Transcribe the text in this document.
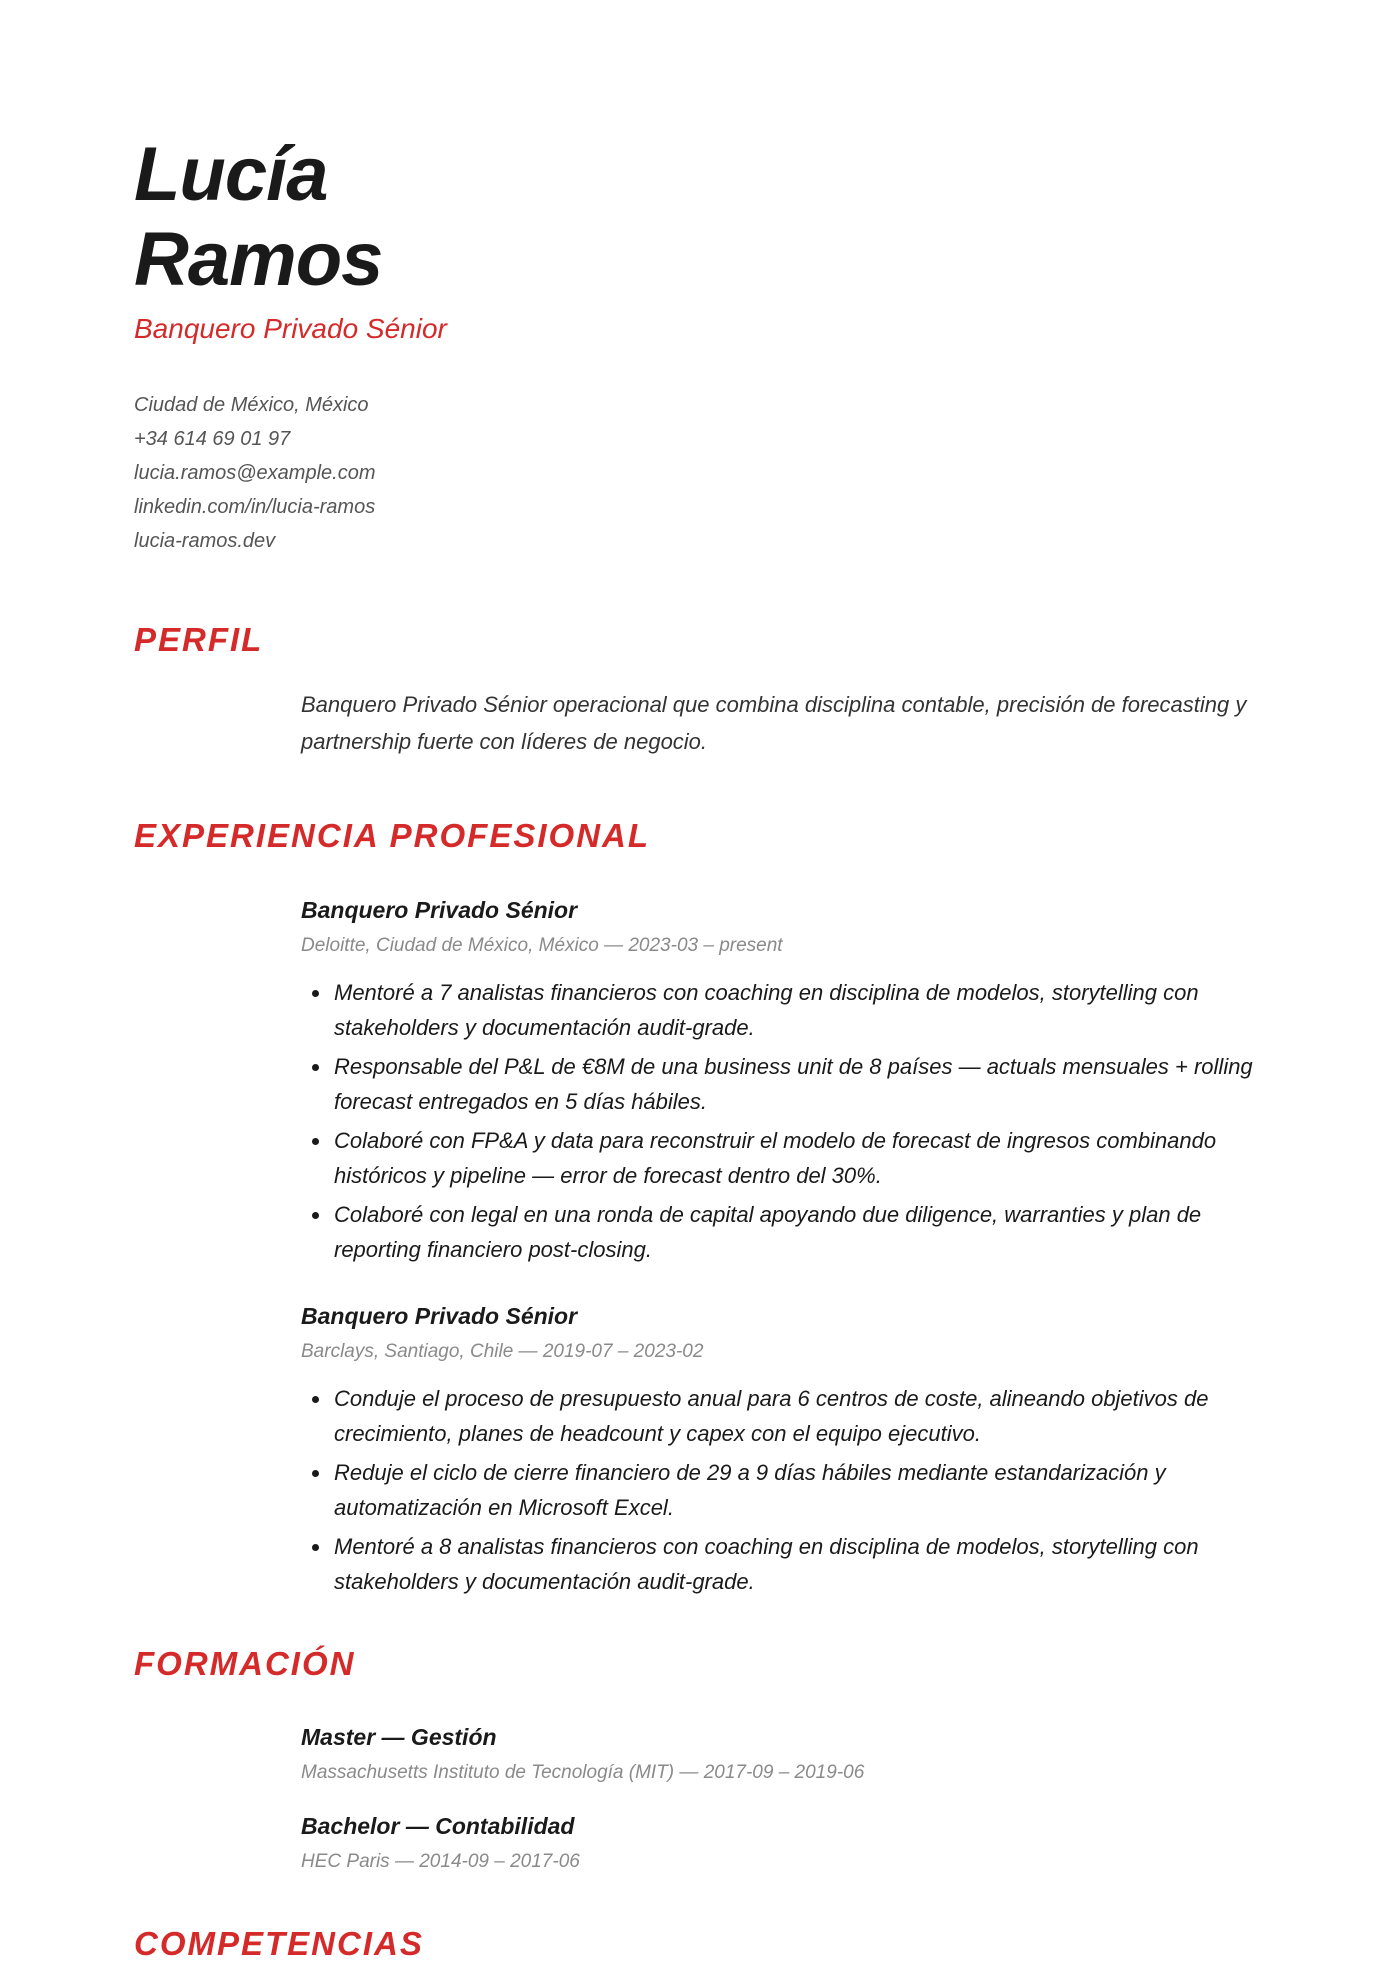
Lucía
Ramos
Banquero Privado Sénior
Ciudad de México, México
+34 614 69 01 97
lucia.ramos@example.com
linkedin.com/in/lucia-ramos
lucia-ramos.dev
PERFIL

Banquero Privado Sénior operacional que combina disciplina contable, precisión de forecasting y partnership fuerte con líderes de negocio.

EXPERIENCIA PROFESIONAL
Banquero Privado Sénior
Deloitte, Ciudad de México, México — 2023-03 – present
Mentoré a 7 analistas financieros con coaching en disciplina de modelos, storytelling con stakeholders y documentación audit-grade.
Responsable del P&L de €8M de una business unit de 8 países — actuals mensuales + rolling forecast entregados en 5 días hábiles.
Colaboré con FP&A y data para reconstruir el modelo de forecast de ingresos combinando históricos y pipeline — error de forecast dentro del 30%.
Colaboré con legal en una ronda de capital apoyando due diligence, warranties y plan de reporting financiero post-closing.
Banquero Privado Sénior
Barclays, Santiago, Chile — 2019-07 – 2023-02
Conduje el proceso de presupuesto anual para 6 centros de coste, alineando objetivos de crecimiento, planes de headcount y capex con el equipo ejecutivo.
Reduje el ciclo de cierre financiero de 29 a 9 días hábiles mediante estandarización y automatización en Microsoft Excel.
Mentoré a 8 analistas financieros con coaching en disciplina de modelos, storytelling con stakeholders y documentación audit-grade.
FORMACIÓN
Master — Gestión
Massachusetts Instituto de Tecnología (MIT) — 2017-09 – 2019-06
Bachelor — Contabilidad
HEC Paris — 2014-09 – 2017-06
COMPETENCIAS
